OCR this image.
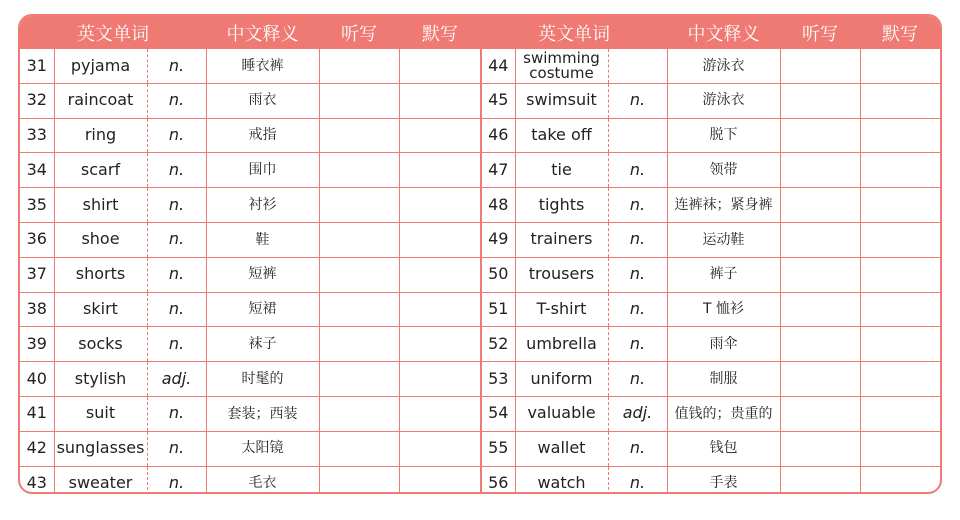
英文单词			中文释义	听写	默写	英文单词			中文释义	听写	默写
31	pyjama	n.	睡衣裤			44	swimming costume		游泳衣		
32	raincoat	n.	雨衣			45	swimsuit	n.	游泳衣		
33	ring	n.	戒指			46	take off		脱下		
34	scarf	n.	围巾			47	tie	n.	领带		
35	shirt	n.	衬衫			48	tights	n.	连裤袜；紧身裤		
36	shoe	n.	鞋			49	trainers	n.	运动鞋		
37	shorts	n.	短裤			50	trousers	n.	裤子		
38	skirt	n.	短裙			51	T-shirt	n.	T 恤衫		
39	socks	n.	袜子			52	umbrella	n.	雨伞		
40	stylish	adj.	时髦的			53	uniform	n.	制服		
41	suit	n.	套装；西装			54	valuable	adj.	值钱的；贵重的		
42	sunglasses	n.	太阳镜			55	wallet	n.	钱包		
43	sweater	n.	毛衣			56	watch	n.	手表		
